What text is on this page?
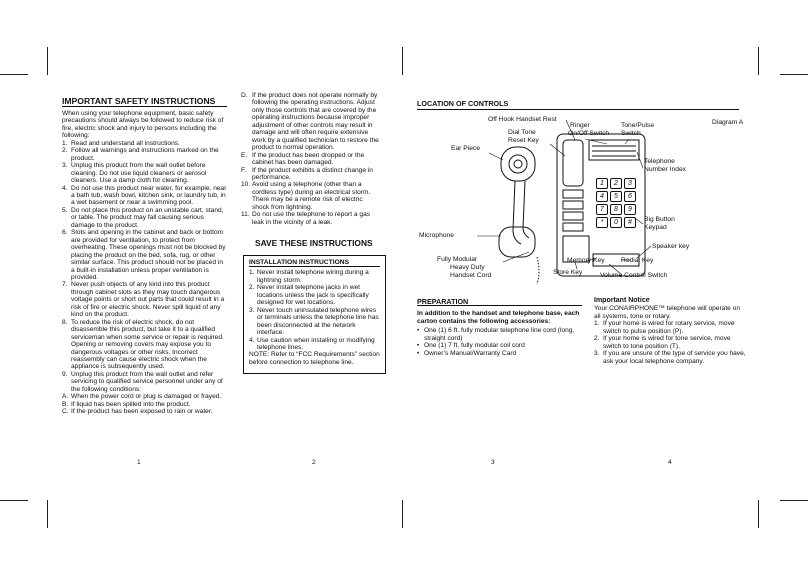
IMPORTANT SAFETY INSTRUCTIONS

When using your telephone equipment, basic safety precautions should always be followed to reduce risk of fire, electric shock and injury to persons including the following:

1. Read and understand all instructions.
2. Follow all warnings and instructions marked on the product.
3. Unplug this product from the wall outlet before cleaning. Do not use liquid cleaners or aerosol cleaners. Use a damp cloth for cleaning.
4. Do not use this product near water, for example, near a bath tub, wash bowl, kitchen sink, or laundry tub, in a wet basement or near a swimming pool.
5. Do not place this product on an unstable cart, stand, or table. The product may fall causing serious damage to the product.
6. Slots and opening in the cabinet and back or bottom are provided for ventilation, to protect from overheating. These openings must not be blocked by placing the product on the bed, sofa, rug, or other similar surface. This product should not be placed in a built-in installation unless proper ventilation is provided.
7. Never push objects of any kind into this product through cabinet slots as they may touch dangerous voltage points or short out parts that could result in a risk of fire or electric shock. Never spill liquid of any kind on the product.
8. To reduce the risk of electric shock, do not disassemble this product, but take it to a qualified serviceman when some service or repair is required. Opening or removing covers may expose you to dangerous voltages or other risks. Incorrect reassembly can cause electric shock when the appliance is subsequently used.
9. Unplug this product from the wall outlet and refer servicing to qualified service personnel under any of the following conditions:
A. When the power cord or plug is damaged or frayed.
B. If liquid has been spilled into the product.
C. If the product has been exposed to rain or water.
1
D. If the product does not operate normally by following the operating instructions. Adjust only those controls that are covered by the operating instructions because improper adjustment of other controls may result in damage and will often require extensive work by a qualified technician to restore the product to normal operation.
E. If the product has been dropped or the cabinet has been damaged.
F. If the product exhibits a distinct change in performance.
10. Avoid using a telephone (other than a cordless type) during an electrical storm. There may be a remote risk of electric shock from lightning.
11. Do not use the telephone to report a gas leak in the vicinity of a leak.
SAVE THESE INSTRUCTIONS
INSTALLATION INSTRUCTIONS
1. Never install telephone wiring during a lightning storm.
2. Never install telephone jacks in wet locations unless the jack is specifically designed for wet locations.
3. Never touch uninsulated telephone wires or terminals unless the telephone line has been disconnected at the network interface.
4. Use caution when installing or modifying telephone lines.

NOTE: Refer to “FCC Requirements” section before connection to telephone line.

2
LOCATION OF CONTROLS
1	2	3
4	5	6
7	8	9
*	0	#
Diagram A
Off Hook Handset Rest
Dial Tone
Reset Key
Ringer
On/Off Switch
Tone/Pulse
Switch
Ear Piece
Telephone
Number Index
Big Button
Keypad
Microphone
Speaker key
Fully Modular
Heavy Duty
Handset Cord
Memory Key Redial Key
Store Key	Volume Control Switch
PREPARATION

In addition to the handset and telephone base, each carton contains the following accessories:

• One (1) 6 ft. fully modular telephone line cord (long, straight cord)
• One (1) 7 ft. fully modular coil cord
• Owner’s Manual/Warranty Card
3
Important Notice

Your CONAIRPHONE™ telephone will operate on all systems, tone or rotary.

1. If your home is wired for rotary service, move switch to pulse position (P).
2. If your home is wired for tone service, move switch to tone position (T).
3. If you are unsure of the type of service you have, ask your local telephone company.
4
